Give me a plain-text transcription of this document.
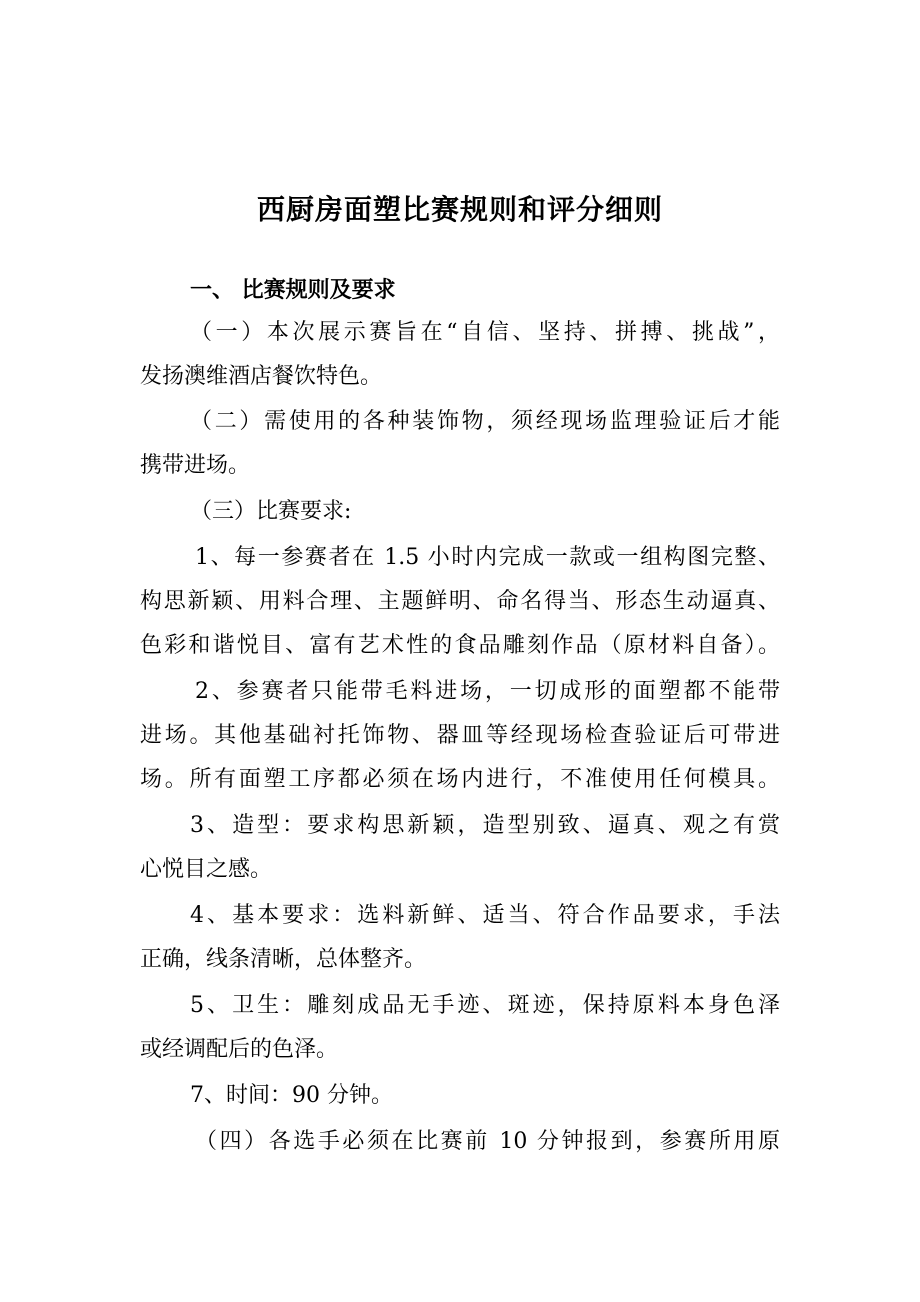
西厨房面塑比赛规则和评分细则
一、 比赛规则及要求
（一）本次展示赛旨在“自信、坚持、拼搏、挑战”，
发扬澳维酒店餐饮特色。
（二）需使用的各种装饰物，须经现场监理验证后才能
携带进场。
（三）比赛要求:
1、每一参赛者在 1.5 小时内完成一款或一组构图完整、
构思新颖、用料合理、主题鲜明、命名得当、形态生动逼真、
色彩和谐悦目、富有艺术性的食品雕刻作品（原材料自备）。
2、参赛者只能带毛料进场，一切成形的面塑都不能带
进场。其他基础衬托饰物、器皿等经现场检查验证后可带进
场。所有面塑工序都必须在场内进行，不准使用任何模具。
3、造型：要求构思新颖，造型别致、逼真、观之有赏
心悦目之感。
4、基本要求：选料新鲜、适当、符合作品要求，手法
正确，线条清晰，总体整齐。
5、卫生：雕刻成品无手迹、斑迹，保持原料本身色泽
或经调配后的色泽。
7、时间：90 分钟。
（四）各选手必须在比赛前 10 分钟报到，参赛所用原
